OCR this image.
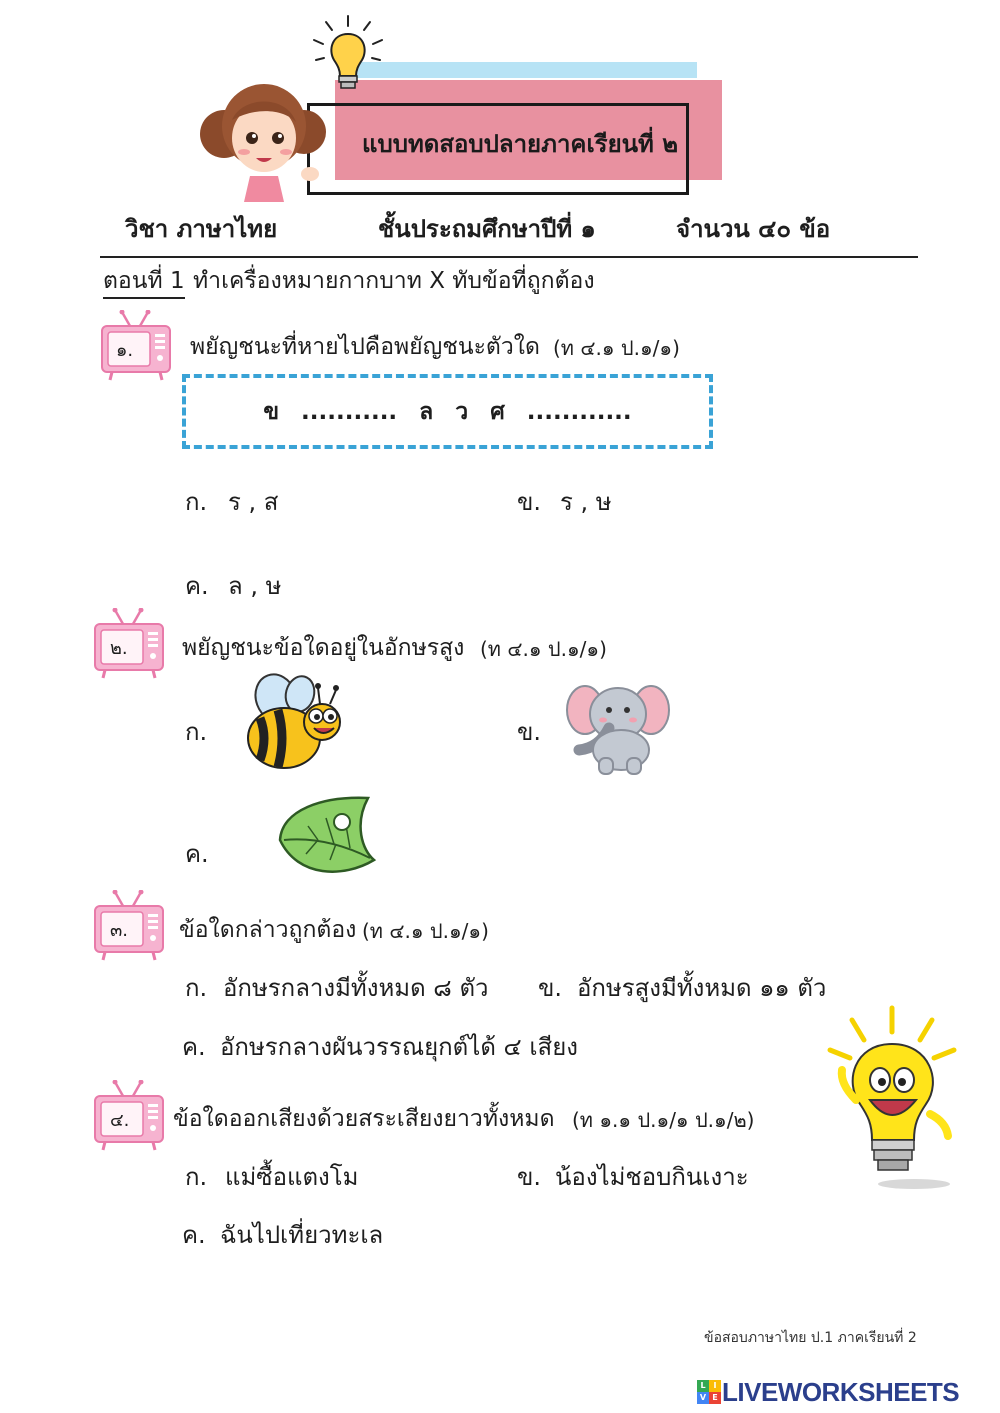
แบบทดสอบปลายภาคเรียนที่ ๒
วิชา ภาษาไทย	ชั้นประถมศึกษาปีที่ ๑	จำนวน ๔๐ ข้อ
ตอนที่ 1 ทำเครื่องหมายกากบาท X ทับข้อที่ถูกต้อง
๑. พยัญชนะที่หายไปคือพยัญชนะตัวใด (ท ๔.๑ ป.๑/๑)
ข ........... ล ว ศ ............
ก. ร , ส	ข. ร , ษ
ค. ล , ษ
๒. พยัญชนะข้อใดอยู่ในอักษรสูง (ท ๔.๑ ป.๑/๑)
ก.	ข.
ค.
๓. ข้อใดกล่าวถูกต้อง (ท ๔.๑ ป.๑/๑)
ก. อักษรกลางมีทั้งหมด ๘ ตัว ข. อักษรสูงมีทั้งหมด ๑๑ ตัว
ค. อักษรกลางผันวรรณยุกต์ได้ ๔ เสียง
๔. ข้อใดออกเสียงด้วยสระเสียงยาวทั้งหมด (ท ๑.๑ ป.๑/๑ ป.๑/๒)
ก. แม่ซื้อแตงโม	ข. น้องไม่ชอบกินเงาะ
ค. ฉันไปเที่ยวทะเล
ข้อสอบภาษาไทย ป.1 ภาคเรียนที่ 2
L I
V E LIVEWORKSHEETS
